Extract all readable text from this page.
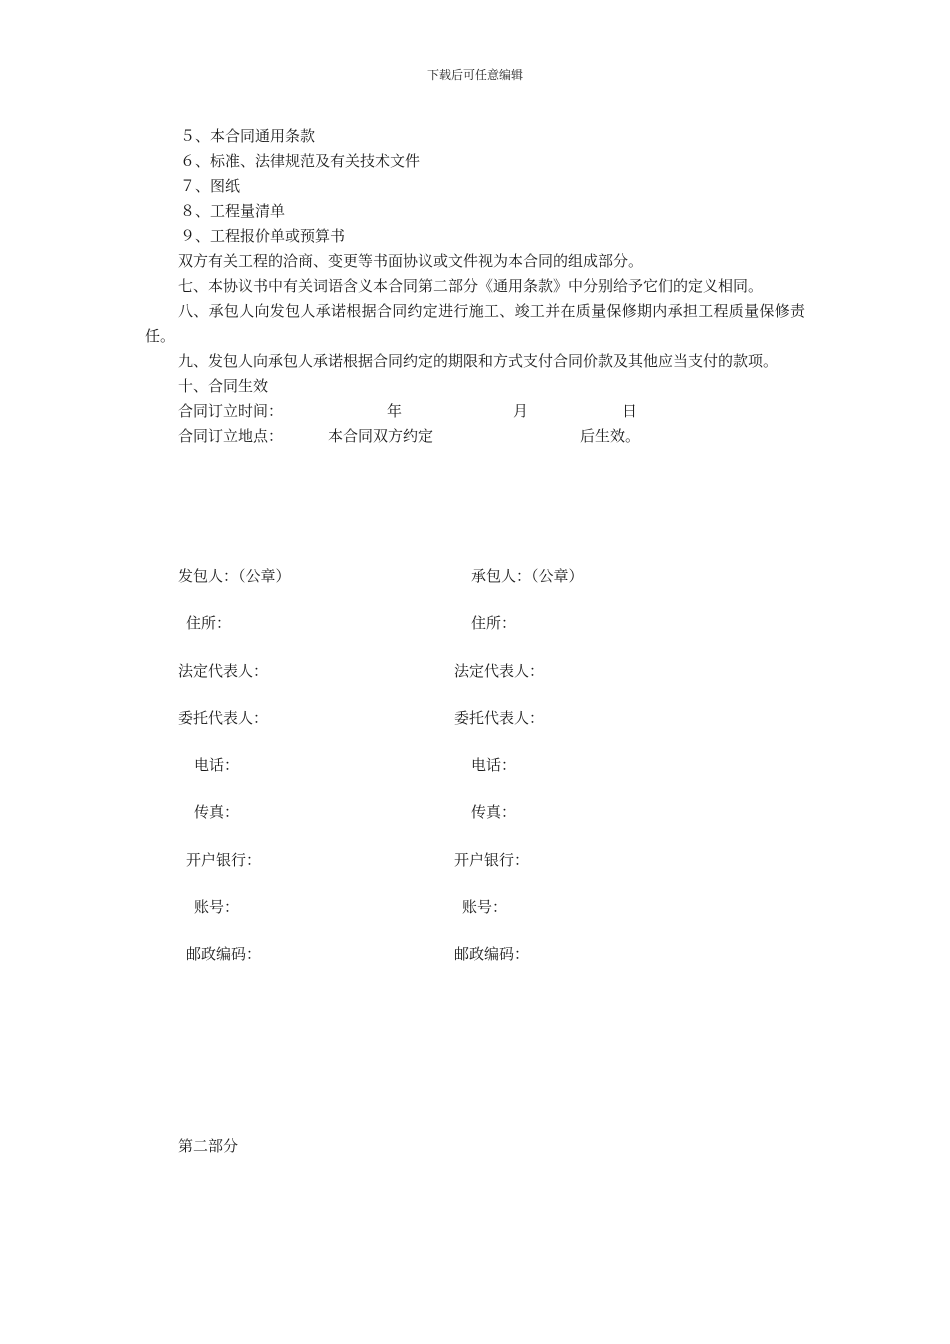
下载后可任意编辑

５、本合同通用条款

６、标准、法律规范及有关技术文件

７、图纸

８、工程量清单

９、工程报价单或预算书

双方有关工程的洽商、变更等书面协议或文件视为本合同的组成部分。

七、本协议书中有关词语含义本合同第二部分《通用条款》中分别给予它们的定义相同。

八、承包人向发包人承诺根据合同约定进行施工、竣工并在质量保修期内承担工程质量保修责任。

九、发包人向承包人承诺根据合同约定的期限和方式支付合同价款及其他应当支付的款项。

十、合同生效

合同订立时间：	年	月	日
合同订立地点：	本合同双方约定	后生效。
发包人：（公章）	承包人：（公章）
住所：	住所：
法定代表人：	法定代表人：
委托代表人：	委托代表人：
电话：	电话：
传真：	传真：
开户银行：	开户银行：
账号：	账号：
邮政编码：	邮政编码：
第二部分
